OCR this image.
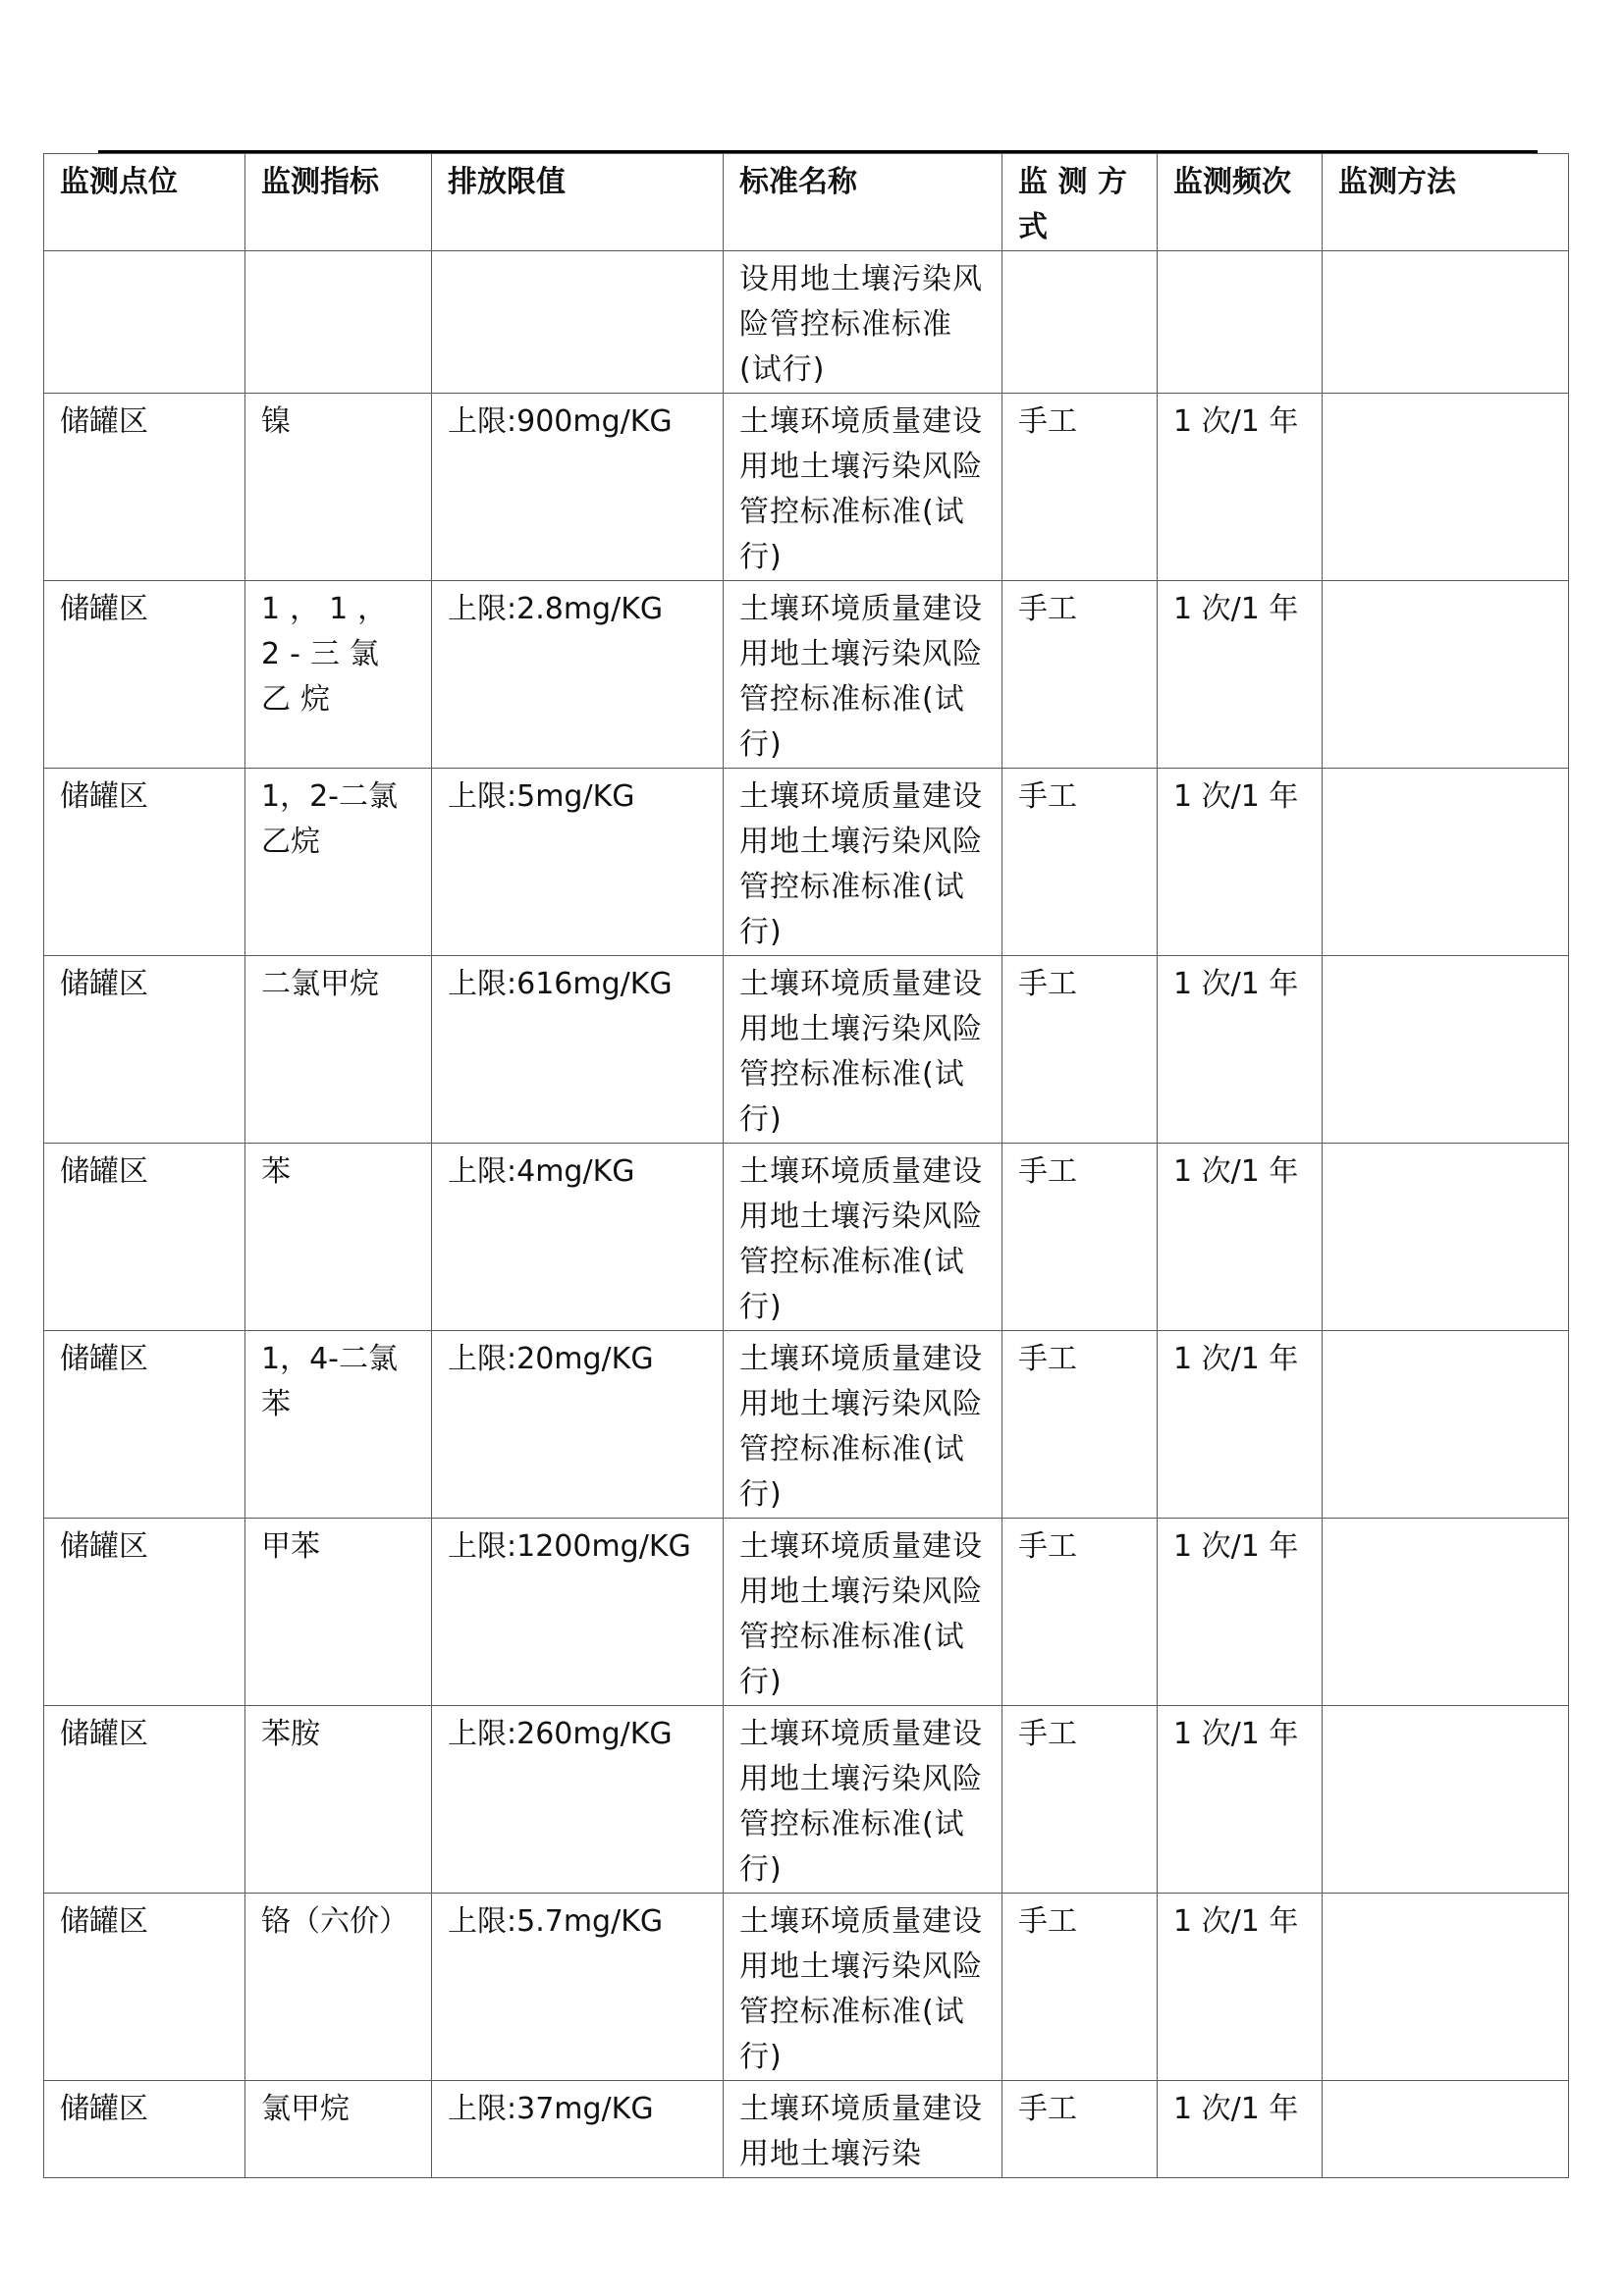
监测点位	监测指标	排放限值	标准名称	监 测 方 式	监测频次	监测方法
			设用地土壤污染风险管控标准标准(试行)			
储罐区	镍	上限:900mg/KG	土壤环境质量建设用地土壤污染风险管控标准标准(试行)	手工	1 次/1 年	
储罐区	1，1，2-三氯乙烷	上限:2.8mg/KG	土壤环境质量建设用地土壤污染风险管控标准标准(试行)	手工	1 次/1 年	
储罐区	1，2-二氯乙烷	上限:5mg/KG	土壤环境质量建设用地土壤污染风险管控标准标准(试行)	手工	1 次/1 年	
储罐区	二氯甲烷	上限:616mg/KG	土壤环境质量建设用地土壤污染风险管控标准标准(试行)	手工	1 次/1 年	
储罐区	苯	上限:4mg/KG	土壤环境质量建设用地土壤污染风险管控标准标准(试行)	手工	1 次/1 年	
储罐区	1，4-二氯苯	上限:20mg/KG	土壤环境质量建设用地土壤污染风险管控标准标准(试行)	手工	1 次/1 年	
储罐区	甲苯	上限:1200mg/KG	土壤环境质量建设用地土壤污染风险管控标准标准(试行)	手工	1 次/1 年	
储罐区	苯胺	上限:260mg/KG	土壤环境质量建设用地土壤污染风险管控标准标准(试行)	手工	1 次/1 年	
储罐区	铬（六价）	上限:5.7mg/KG	土壤环境质量建设用地土壤污染风险管控标准标准(试行)	手工	1 次/1 年	
储罐区	氯甲烷	上限:37mg/KG	土壤环境质量建设用地土壤污染	手工	1 次/1 年	
